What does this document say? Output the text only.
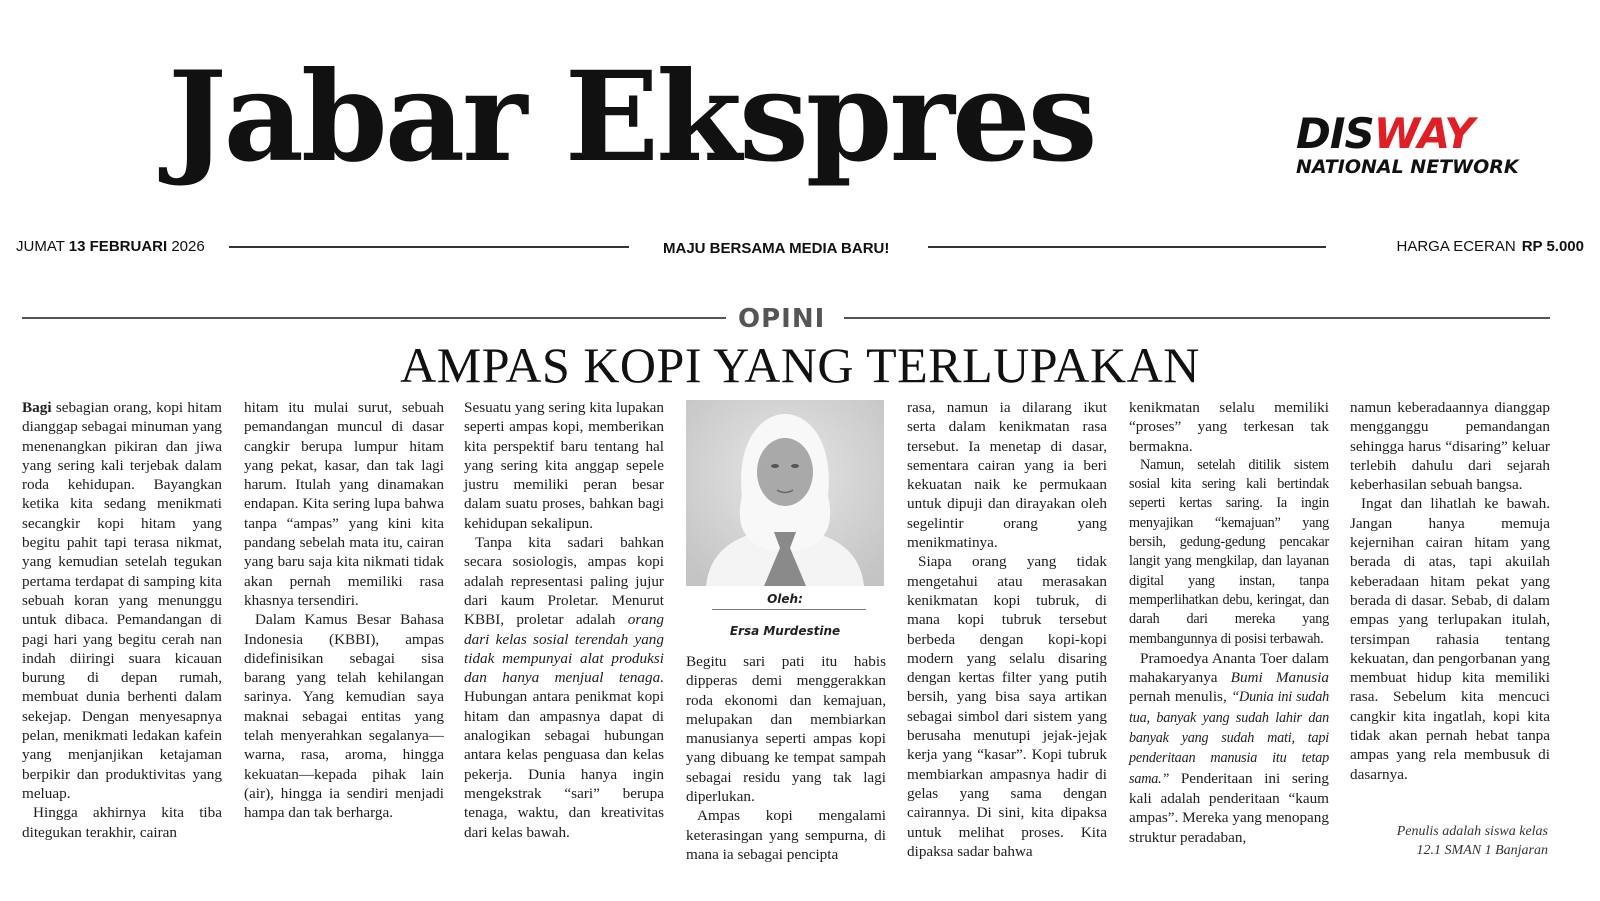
Jabar Ekspres	DISWAY
NATIONAL NETWORK
JUMAT 13 FEBRUARI 2026	MAJU BERSAMA MEDIA BARU!	HARGA ECERAN RP 5.000
OPINI
AMPAS KOPI YANG TERLUPAKAN

Bagi sebagian orang, kopi hitam dianggap sebagai minuman yang menenangkan pikiran dan jiwa yang sering kali terjebak dalam roda kehidupan. Bayangkan ketika kita sedang menikmati secangkir kopi hitam yang begitu pahit tapi terasa nikmat, yang kemudian setelah tegukan pertama terdapat di samping kita sebuah koran yang menunggu untuk dibaca. Pemandangan di pagi hari yang begitu cerah nan indah diiringi suara kicauan burung di depan rumah, membuat dunia berhenti dalam sekejap. Dengan menyesapnya pelan, menikmati ledakan kafein yang menjanjikan ketajaman berpikir dan produktivitas yang meluap.

Hingga akhirnya kita tiba ditegukan terakhir, cairan

hitam itu mulai surut, sebuah pemandangan muncul di dasar cangkir berupa lumpur hitam yang pekat, kasar, dan tak lagi harum. Itulah yang dinamakan endapan. Kita sering lupa bahwa tanpa “ampas” yang kini kita pandang sebelah mata itu, cairan yang baru saja kita nikmati tidak akan pernah memiliki rasa khasnya tersendiri.

Dalam Kamus Besar Bahasa Indonesia (KBBI), ampas didefinisikan sebagai sisa barang yang telah kehilangan sarinya. Yang kemudian saya maknai sebagai entitas yang telah menyerahkan segalanya—warna, rasa, aroma, hingga kekuatan—kepada pihak lain (air), hingga ia sendiri menjadi hampa dan tak berharga.

Sesuatu yang sering kita lupakan seperti ampas kopi, memberikan kita perspektif baru tentang hal yang sering kita anggap sepele justru memiliki peran besar dalam suatu proses, bahkan bagi kehidupan sekalipun.

Tanpa kita sadari bahkan secara sosiologis, ampas kopi adalah representasi paling jujur dari kaum Proletar. Menurut KBBI, proletar adalah orang dari kelas sosial terendah yang tidak mempunyai alat produksi dan hanya menjual tenaga. Hubungan antara penikmat kopi hitam dan ampasnya dapat di analogikan sebagai hubungan antara kelas penguasa dan kelas pekerja. Dunia hanya ingin mengekstrak “sari” berupa tenaga, waktu, dan kreativitas dari kelas bawah.

Oleh:
Ersa Murdestine

Begitu sari pati itu habis dipperas demi menggerakkan roda ekonomi dan kemajuan, melupakan dan membiarkan manusianya seperti ampas kopi yang dibuang ke tempat sampah sebagai residu yang tak lagi diperlukan.

Ampas kopi mengalami keterasingan yang sempurna, di mana ia sebagai pencipta

rasa, namun ia dilarang ikut serta dalam kenikmatan rasa tersebut. Ia menetap di dasar, sementara cairan yang ia beri kekuatan naik ke permukaan untuk dipuji dan dirayakan oleh segelintir orang yang menikmatinya.

Siapa orang yang tidak mengetahui atau merasakan kenikmatan kopi tubruk, di mana kopi tubruk tersebut berbeda dengan kopi-kopi modern yang selalu disaring dengan kertas filter yang putih bersih, yang bisa saya artikan sebagai simbol dari sistem yang berusaha menutupi jejak-jejak kerja yang “kasar”. Kopi tubruk membiarkan ampasnya hadir di gelas yang sama dengan cairannya. Di sini, kita dipaksa untuk melihat proses. Kita dipaksa sadar bahwa

kenikmatan selalu memiliki “proses” yang terkesan tak bermakna.

Namun, setelah ditilik sistem sosial kita sering kali bertindak seperti kertas saring. Ia ingin menyajikan “kemajuan” yang bersih, gedung-gedung pencakar langit yang mengkilap, dan layanan digital yang instan, tanpa memperlihatkan debu, keringat, dan darah dari mereka yang membangunnya di posisi terbawah.

Pramoedya Ananta Toer dalam mahakaryanya Bumi Manusia pernah menulis, “Dunia ini sudah tua, banyak yang sudah lahir dan banyak yang sudah mati, tapi penderitaan manusia itu tetap sama.” Penderitaan ini sering kali adalah penderitaan “kaum ampas”. Mereka yang menopang struktur peradaban,

namun keberadaannya dianggap mengganggu pemandangan sehingga harus “disaring” keluar terlebih dahulu dari sejarah keberhasilan sebuah bangsa.

Ingat dan lihatlah ke bawah. Jangan hanya memuja kejernihan cairan hitam yang berada di atas, tapi akuilah keberadaan hitam pekat yang berada di dasar. Sebab, di dalam empas yang terlupakan itulah, tersimpan rahasia tentang kekuatan, dan pengorbanan yang membuat hidup kita memiliki rasa. Sebelum kita mencuci cangkir kita ingatlah, kopi kita tidak akan pernah hebat tanpa ampas yang rela membusuk di dasarnya.

Penulis adalah siswa kelas
12.1 SMAN 1 Banjaran
